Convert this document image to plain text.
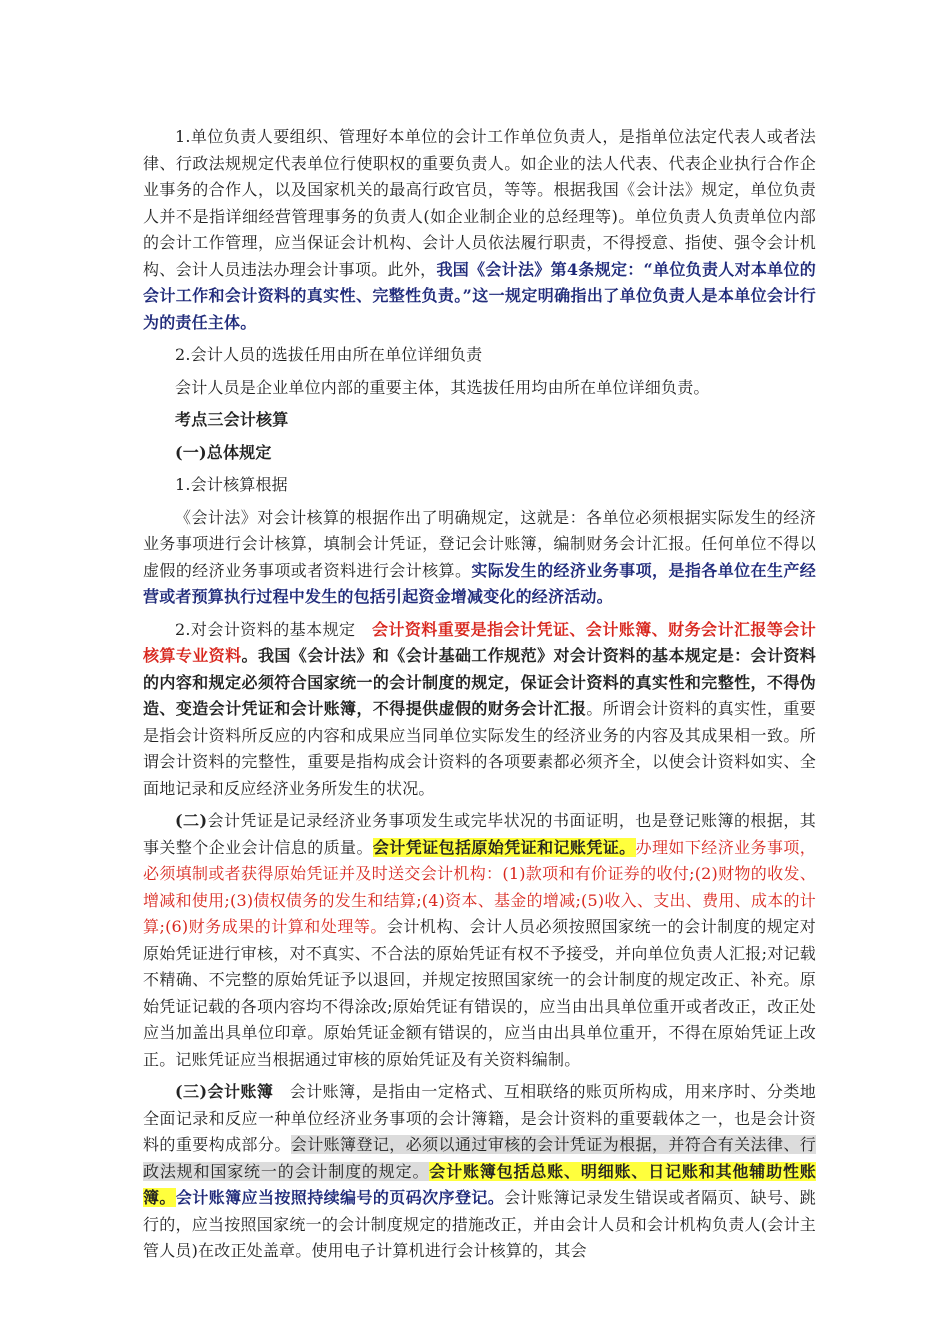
1.单位负责人要组织、管理好本单位的会计工作单位负责人，是指单位法定代表人或者法律、行政法规规定代表单位行使职权的重要负责人。如企业的法人代表、代表企业执行合作企业事务的合作人，以及国家机关的最高行政官员，等等。根据我国《会计法》规定，单位负责人并不是指详细经营管理事务的负责人(如企业制企业的总经理等)。单位负责人负责单位内部的会计工作管理，应当保证会计机构、会计人员依法履行职责，不得授意、指使、强令会计机构、会计人员违法办理会计事项。此外，我国《会计法》第4条规定：“单位负责人对本单位的会计工作和会计资料的真实性、完整性负责。”这一规定明确指出了单位负责人是本单位会计行为的责任主体。

2.会计人员的选拔任用由所在单位详细负责

会计人员是企业单位内部的重要主体，其选拔任用均由所在单位详细负责。

考点三会计核算

(一)总体规定

1.会计核算根据

《会计法》对会计核算的根据作出了明确规定，这就是：各单位必须根据实际发生的经济业务事项进行会计核算，填制会计凭证，登记会计账簿，编制财务会计汇报。任何单位不得以虚假的经济业务事项或者资料进行会计核算。实际发生的经济业务事项，是指各单位在生产经营或者预算执行过程中发生的包括引起资金增减变化的经济活动。

2.对会计资料的基本规定　会计资料重要是指会计凭证、会计账簿、财务会计汇报等会计核算专业资料。我国《会计法》和《会计基础工作规范》对会计资料的基本规定是：会计资料的内容和规定必须符合国家统一的会计制度的规定，保证会计资料的真实性和完整性，不得伪造、变造会计凭证和会计账簿，不得提供虚假的财务会计汇报。所谓会计资料的真实性，重要是指会计资料所反应的内容和成果应当同单位实际发生的经济业务的内容及其成果相一致。所谓会计资料的完整性，重要是指构成会计资料的各项要素都必须齐全，以使会计资料如实、全面地记录和反应经济业务所发生的状况。

(二)会计凭证是记录经济业务事项发生或完毕状况的书面证明，也是登记账簿的根据，其事关整个企业会计信息的质量。会计凭证包括原始凭证和记账凭证。办理如下经济业务事项，必须填制或者获得原始凭证并及时送交会计机构：(1)款项和有价证券的收付;(2)财物的收发、增减和使用;(3)债权债务的发生和结算;(4)资本、基金的增减;(5)收入、支出、费用、成本的计算;(6)财务成果的计算和处理等。会计机构、会计人员必须按照国家统一的会计制度的规定对原始凭证进行审核，对不真实、不合法的原始凭证有权不予接受，并向单位负责人汇报;对记载不精确、不完整的原始凭证予以退回，并规定按照国家统一的会计制度的规定改正、补充。原始凭证记载的各项内容均不得涂改;原始凭证有错误的，应当由出具单位重开或者改正，改正处应当加盖出具单位印章。原始凭证金额有错误的，应当由出具单位重开，不得在原始凭证上改正。记账凭证应当根据通过审核的原始凭证及有关资料编制。

(三)会计账簿　会计账簿，是指由一定格式、互相联络的账页所构成，用来序时、分类地全面记录和反应一种单位经济业务事项的会计簿籍，是会计资料的重要载体之一，也是会计资料的重要构成部分。会计账簿登记，必须以通过审核的会计凭证为根据，并符合有关法律、行政法规和国家统一的会计制度的规定。会计账簿包括总账、明细账、日记账和其他辅助性账簿。会计账簿应当按照持续编号的页码次序登记。会计账簿记录发生错误或者隔页、缺号、跳行的，应当按照国家统一的会计制度规定的措施改正，并由会计人员和会计机构负责人(会计主管人员)在改正处盖章。使用电子计算机进行会计核算的，其会
